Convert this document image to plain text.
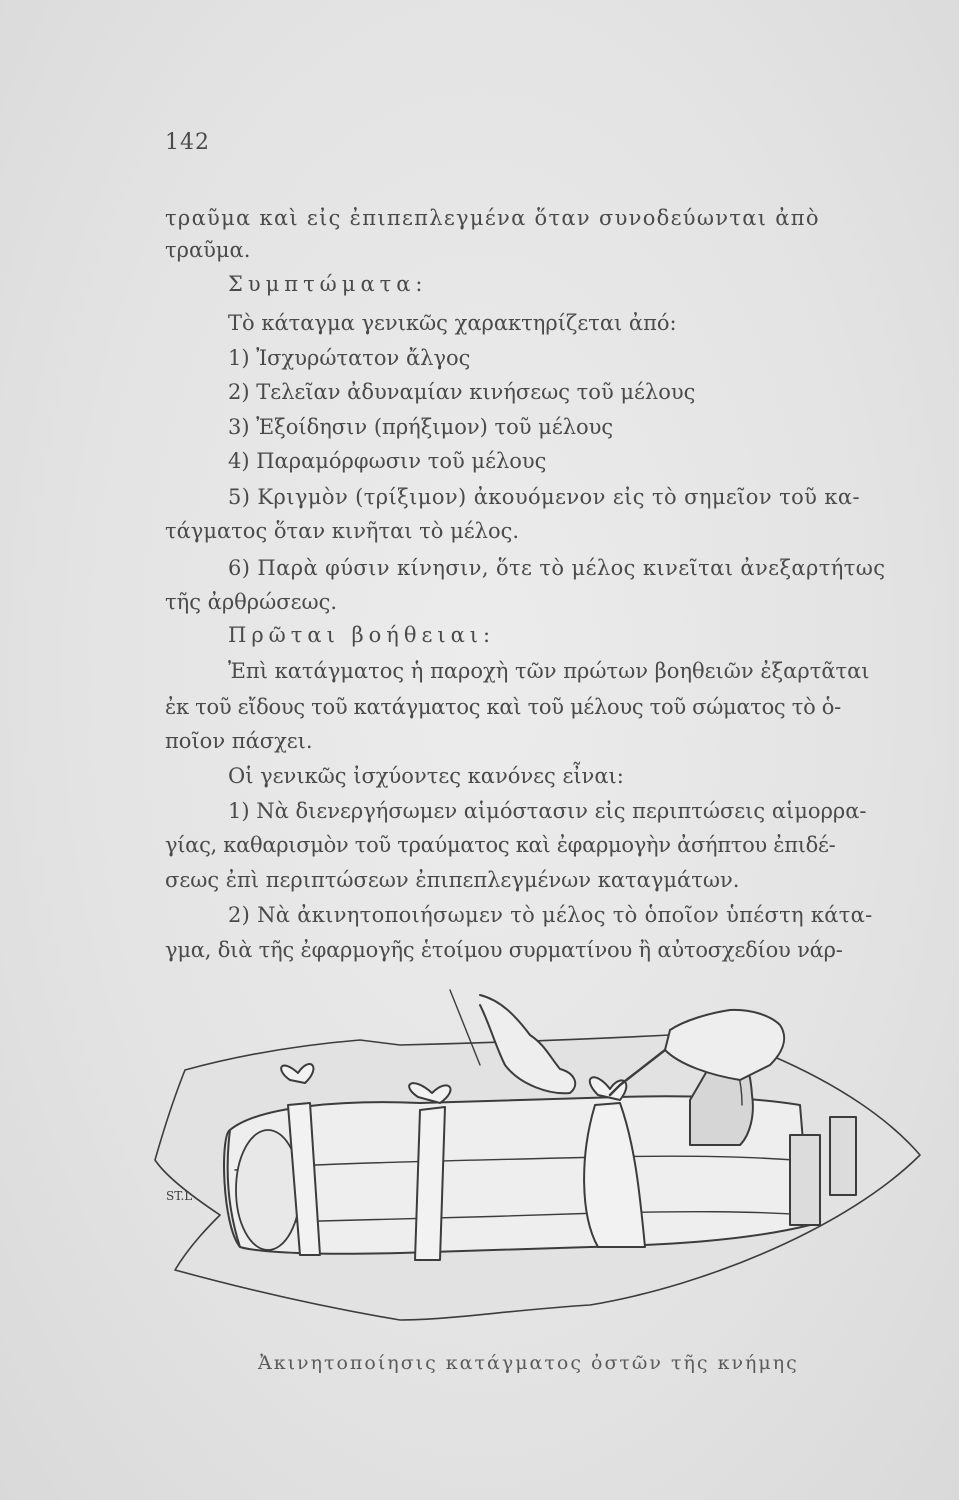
142
τραῦμα καὶ εἰς ἐπιπεπλεγμένα ὅταν συνοδεύωνται ἀπὸ
τραῦμα.
Συμπτώματα:
Τὸ κάταγμα γενικῶς χαρακτηρίζεται ἀπό:
1) Ἰσχυρώτατον ἄλγος
2) Τελεῖαν ἀδυναμίαν κινήσεως τοῦ μέλους
3) Ἐξοίδησιν (πρήξιμον) τοῦ μέλους
4) Παραμόρφωσιν τοῦ μέλους
5) Κριγμὸν (τρίξιμον) ἀκουόμενον εἰς τὸ σημεῖον τοῦ κα-
τάγματος ὅταν κινῆται τὸ μέλος.
6) Παρὰ φύσιν κίνησιν, ὅτε τὸ μέλος κινεῖται ἀνεξαρτήτως
τῆς ἀρθρώσεως.
Πρῶται βοήθειαι:
Ἐπὶ κατάγματος ἡ παροχὴ τῶν πρώτων βοηθειῶν ἐξαρτᾶται
ἐκ τοῦ εἴδους τοῦ κατάγματος καὶ τοῦ μέλους τοῦ σώματος τὸ ὁ-
ποῖον πάσχει.
Οἱ γενικῶς ἰσχύοντες κανόνες εἶναι:
1) Νὰ διενεργήσωμεν αἱμόστασιν εἰς περιπτώσεις αἱμορρα-
γίας, καθαρισμὸν τοῦ τραύματος καὶ ἐφαρμογὴν ἀσήπτου ἐπιδέ-
σεως ἐπὶ περιπτώσεων ἐπιπεπλεγμένων καταγμάτων.
2) Νὰ ἀκινητοποιήσωμεν τὸ μέλος τὸ ὁποῖον ὑπέστη κάτα-
γμα, διὰ τῆς ἐφαρμογῆς ἑτοίμου συρματίνου ἢ αὐτοσχεδίου νάρ-
ST.L
Ἀκινητοποίησις κατάγματος ὀστῶν τῆς κνήμης
